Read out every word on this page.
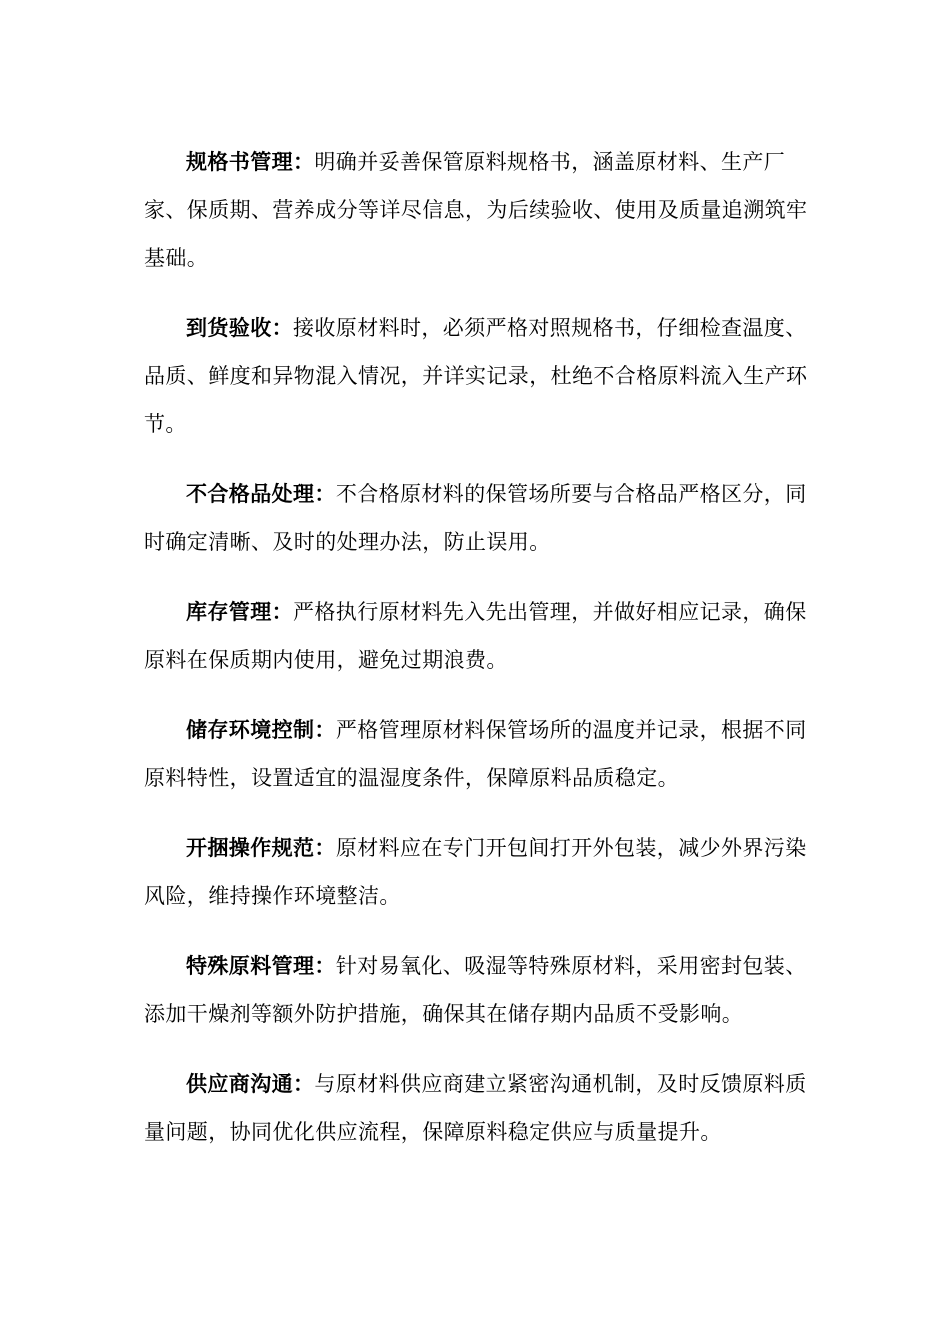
规格书管理：明确并妥善保管原料规格书，涵盖原材料、生产厂家、保质期、营养成分等详尽信息，为后续验收、使用及质量追溯筑牢基础。

到货验收：接收原材料时，必须严格对照规格书，仔细检查温度、品质、鲜度和异物混入情况，并详实记录，杜绝不合格原料流入生产环节。

不合格品处理：不合格原材料的保管场所要与合格品严格区分，同时确定清晰、及时的处理办法，防止误用。

库存管理：严格执行原材料先入先出管理，并做好相应记录，确保原料在保质期内使用，避免过期浪费。

储存环境控制：严格管理原材料保管场所的温度并记录，根据不同原料特性，设置适宜的温湿度条件，保障原料品质稳定。

开捆操作规范：原材料应在专门开包间打开外包装，减少外界污染风险，维持操作环境整洁。

特殊原料管理：针对易氧化、吸湿等特殊原材料，采用密封包装、添加干燥剂等额外防护措施，确保其在储存期内品质不受影响。

供应商沟通：与原材料供应商建立紧密沟通机制，及时反馈原料质量问题，协同优化供应流程，保障原料稳定供应与质量提升。
